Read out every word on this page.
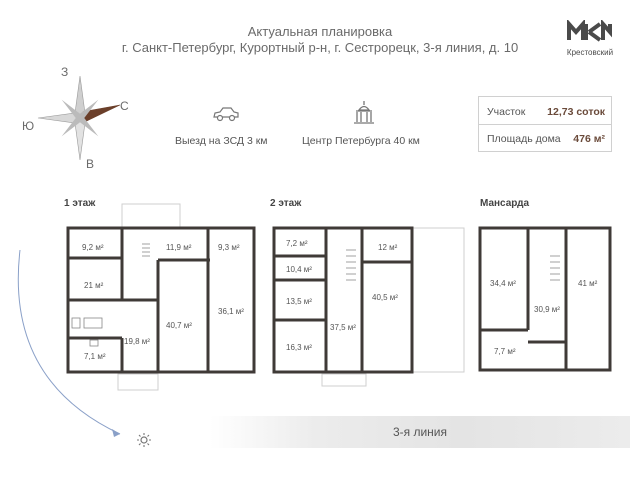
Актуальная планировка
г. Санкт-Петербург, Курортный р-н, г. Сестрорецк, 3-я линия, д. 10	Крестовский
З
Ю
С
В
Выезд на ЗСД 3 км	Центр Петербурга 40 км
Участок 12,73 соток
Площадь дома 476 м²
1 этаж	2 этаж	Мансарда
9,2 м²	11,9 м²	9,3 м²
21 м²
36,1 м²
40,7 м²
19,8 м²
7,1 м²
7,2 м²	12 м²
10,4 м²
13,5 м²	40,5 м²
37,5 м²
16,3 м²
34,4 м²	41 м²
30,9 м²
7,7 м²
3-я линия
